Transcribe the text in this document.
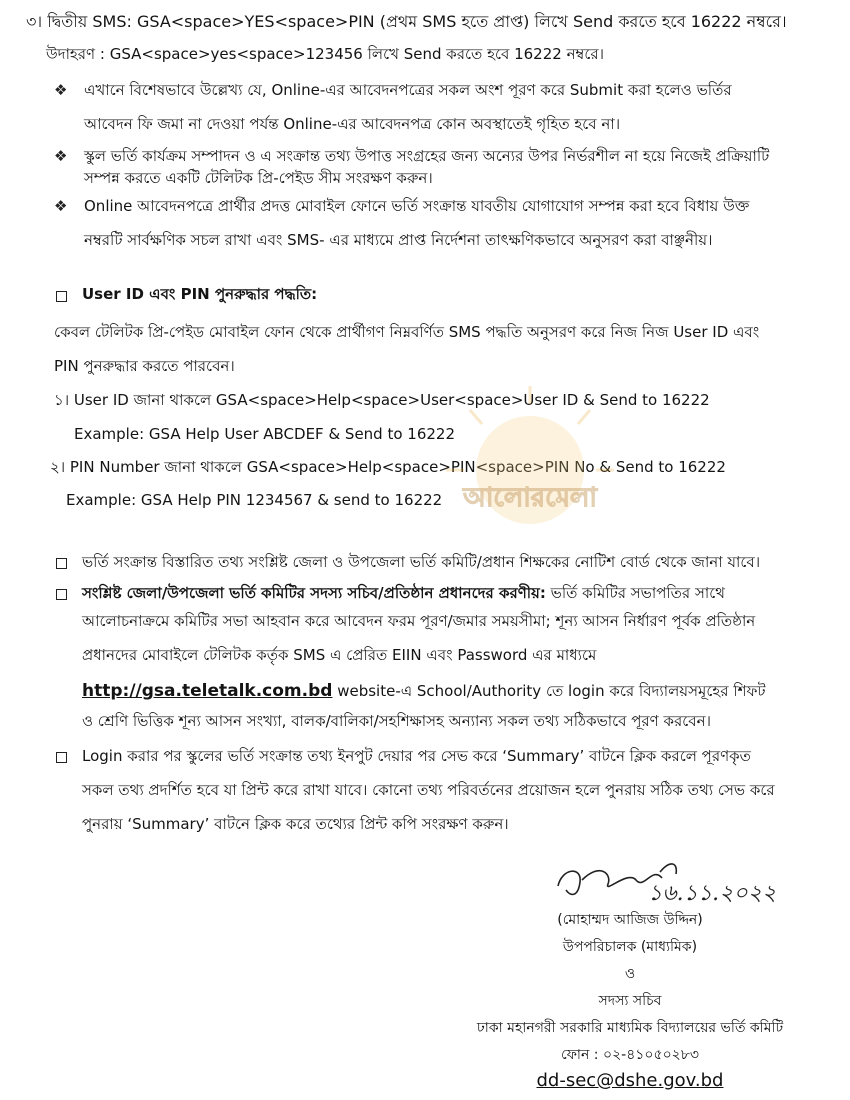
৩। দ্বিতীয় SMS: GSA<space>YES<space>PIN (প্রথম SMS হতে প্রাপ্ত) লিখে Send করতে হবে 16222 নম্বরে।
উদাহরণ : GSA<space>yes<space>123456 লিখে Send করতে হবে 16222 নম্বরে।
❖ এখানে বিশেষভাবে উল্লেখ্য যে, Online-এর আবেদনপত্রের সকল অংশ পূরণ করে Submit করা হলেও ভর্তির
আবেদন ফি জমা না দেওয়া পর্যন্ত Online-এর আবেদনপত্র কোন অবস্থাতেই গৃহিত হবে না।
❖ স্কুল ভর্তি কার্যক্রম সম্পাদন ও এ সংক্রান্ত তথ্য উপাত্ত সংগ্রহের জন্য অন্যের উপর নির্ভরশীল না হয়ে নিজেই প্রক্রিয়াটি
সম্পন্ন করতে একটি টেলিটক প্রি-পেইড সীম সংরক্ষণ করুন।
❖ Online আবেদনপত্রে প্রার্থীর প্রদত্ত মোবাইল ফোনে ভর্তি সংক্রান্ত যাবতীয় যোগাযোগ সম্পন্ন করা হবে বিধায় উক্ত
নম্বরটি সার্বক্ষণিক সচল রাখা এবং SMS- এর মাধ্যমে প্রাপ্ত নির্দেশনা তাৎক্ষণিকভাবে অনুসরণ করা বাঞ্ছনীয়।
User ID এবং PIN পুনরুদ্ধার পদ্ধতি:
কেবল টেলিটক প্রি-পেইড মোবাইল ফোন থেকে প্রার্থীগণ নিম্নবর্ণিত SMS পদ্ধতি অনুসরণ করে নিজ নিজ User ID এবং
PIN পুনরুদ্ধার করতে পারবেন।
১। User ID জানা থাকলে GSA<space>Help<space>User<space>User ID & Send to 16222
Example: GSA Help User ABCDEF & Send to 16222
২। PIN Number জানা থাকলে GSA<space>Help<space>PIN<space>PIN No & Send to 16222
Example: GSA Help PIN 1234567 & send to 16222 আলোরমেলা
ভর্তি সংক্রান্ত বিস্তারিত তথ্য সংশ্লিষ্ট জেলা ও উপজেলা ভর্তি কমিটি/প্রধান শিক্ষকের নোটিশ বোর্ড থেকে জানা যাবে।
সংশ্লিষ্ট জেলা/উপজেলা ভর্তি কমিটির সদস্য সচিব/প্রতিষ্ঠান প্রধানদের করণীয়: ভর্তি কমিটির সভাপতির সাথে
আলোচনাক্রমে কমিটির সভা আহবান করে আবেদন ফরম পূরণ/জমার সময়সীমা; শূন্য আসন নির্ধারণ পূর্বক প্রতিষ্ঠান
প্রধানদের মোবাইলে টেলিটক কর্তৃক SMS এ প্রেরিত EIIN এবং Password এর মাধ্যমে
http://gsa.teletalk.com.bd website-এ School/Authority তে login করে বিদ্যালয়সমূহের শিফট
ও শ্রেণি ভিত্তিক শূন্য আসন সংখ্যা, বালক/বালিকা/সহশিক্ষাসহ অন্যান্য সকল তথ্য সঠিকভাবে পূরণ করবেন।
Login করার পর স্কুলের ভর্তি সংক্রান্ত তথ্য ইনপুট দেয়ার পর সেভ করে ‘Summary’ বাটনে ক্লিক করলে পূরণকৃত
সকল তথ্য প্রদর্শিত হবে যা প্রিন্ট করে রাখা যাবে। কোনো তথ্য পরিবর্তনের প্রয়োজন হলে পুনরায় সঠিক তথ্য সেভ করে
পুনরায় ‘Summary’ বাটনে ক্লিক করে তথ্যের প্রিন্ট কপি সংরক্ষণ করুন।
১৬.১১.২০২২
(মোহাম্মদ আজিজ উদ্দিন)
উপপরিচালক (মাধ্যমিক)
ও
সদস্য সচিব
ঢাকা মহানগরী সরকারি মাধ্যমিক বিদ্যালয়ের ভর্তি কমিটি
ফোন : ০২-৪১০৫০২৮৩
dd-sec@dshe.gov.bd
